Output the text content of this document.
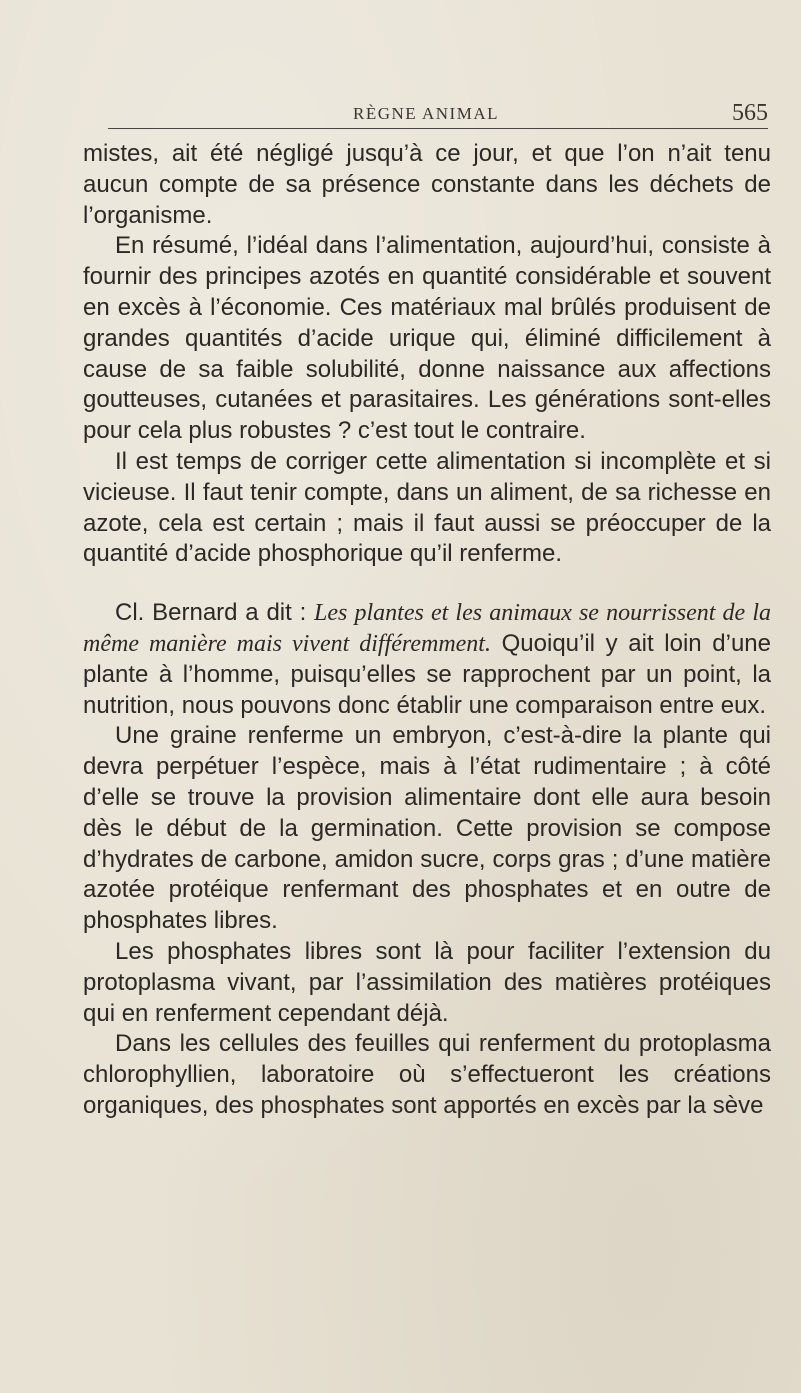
RÈGNE ANIMAL	565

mistes, ait été négligé jusqu’à ce jour, et que l’on n’ait tenu aucun compte de sa présence constante dans les déchets de l’organisme.

En résumé, l’idéal dans l’alimentation, aujourd’hui, consiste à fournir des principes azotés en quantité considérable et souvent en excès à l’économie. Ces matériaux mal brûlés produisent de grandes quantités d’acide urique qui, éliminé difficilement à cause de sa faible solubilité, donne naissance aux affections goutteuses, cutanées et parasitaires. Les générations sont-elles pour cela plus robustes ? c’est tout le contraire.

Il est temps de corriger cette alimentation si incomplète et si vicieuse. Il faut tenir compte, dans un aliment, de sa richesse en azote, cela est certain ; mais il faut aussi se préoccuper de la quantité d’acide phosphorique qu’il renferme.

Cl. Bernard a dit : Les plantes et les animaux se nourrissent de la même manière mais vivent différemment. Quoiqu’il y ait loin d’une plante à l’homme, puisqu’elles se rapprochent par un point, la nutrition, nous pouvons donc établir une comparaison entre eux.

Une graine renferme un embryon, c’est-à-dire la plante qui devra perpétuer l’espèce, mais à l’état rudimentaire ; à côté d’elle se trouve la provision alimentaire dont elle aura besoin dès le début de la germination. Cette provision se compose d’hydrates de carbone, amidon sucre, corps gras ; d’une matière azotée protéique renfermant des phosphates et en outre de phosphates libres.

Les phosphates libres sont là pour faciliter l’extension du protoplasma vivant, par l’assimilation des matières protéiques qui en renferment cependant déjà.

Dans les cellules des feuilles qui renferment du protoplasma chlorophyllien, laboratoire où s’effectueront les créations organiques, des phosphates sont apportés en excès par la sève
